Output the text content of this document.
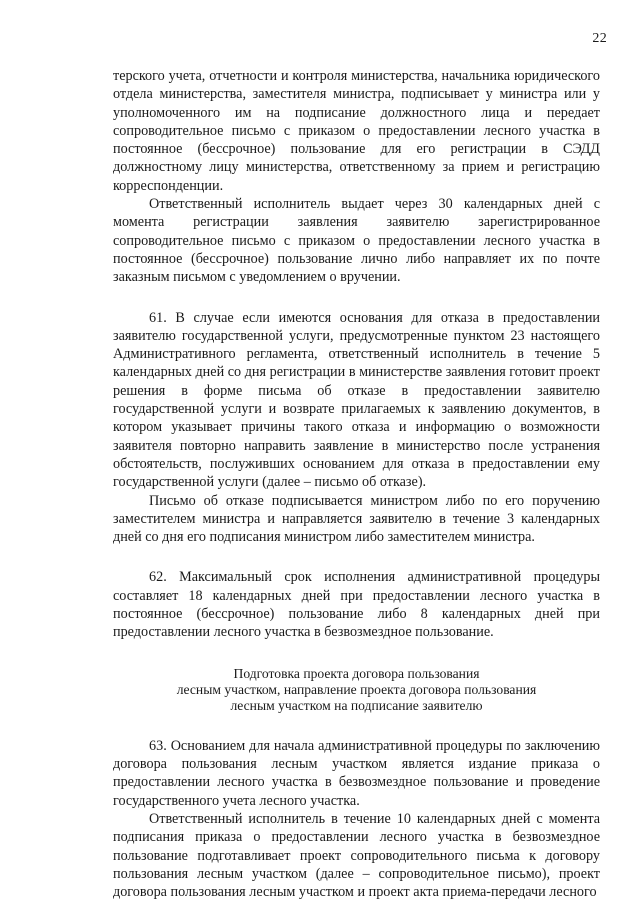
22

терского учета, отчетности и контроля министерства, начальника юридического отдела министерства, заместителя министра, подписывает у министра или у уполномоченного им на подписание должностного лица и передает сопроводительное письмо с приказом о предоставлении лесного участка в постоянное (бессрочное) пользование для его регистрации в СЭДД должностному лицу министерства, ответственному за прием и регистрацию корреспонденции.

Ответственный исполнитель выдает через 30 календарных дней с момента регистрации заявления заявителю зарегистрированное сопроводительное письмо с приказом о предоставлении лесного участка в постоянное (бессрочное) пользование лично либо направляет их по почте заказным письмом с уведомлением о вручении.

61. В случае если имеются основания для отказа в предоставлении заявителю государственной услуги, предусмотренные пунктом 23 настоящего Административного регламента, ответственный исполнитель в течение 5 календарных дней со дня регистрации в министерстве заявления готовит проект решения в форме письма об отказе в предоставлении заявителю государственной услуги и возврате прилагаемых к заявлению документов, в котором указывает причины такого отказа и информацию о возможности заявителя повторно направить заявление в министерство после устранения обстоятельств, послуживших основанием для отказа в предоставлении ему государственной услуги (далее – письмо об отказе).

Письмо об отказе подписывается министром либо по его поручению заместителем министра и направляется заявителю в течение 3 календарных дней со дня его подписания министром либо заместителем министра.

62. Максимальный срок исполнения административной процедуры составляет 18 календарных дней при предоставлении лесного участка в постоянное (бессрочное) пользование либо 8 календарных дней при предоставлении лесного участка в безвозмездное пользование.

Подготовка проекта договора пользования
лесным участком, направление проекта договора пользования
лесным участком на подписание заявителю

63. Основанием для начала административной процедуры по заключению договора пользования лесным участком является издание приказа о предоставлении лесного участка в безвозмездное пользование и проведение государственного учета лесного участка.

Ответственный исполнитель в течение 10 календарных дней с момента подписания приказа о предоставлении лесного участка в безвозмездное пользование подготавливает проект сопроводительного письма к договору пользования лесным участком (далее – сопроводительное письмо), проект договора пользования лесным участком и проект акта приема-передачи лесного
